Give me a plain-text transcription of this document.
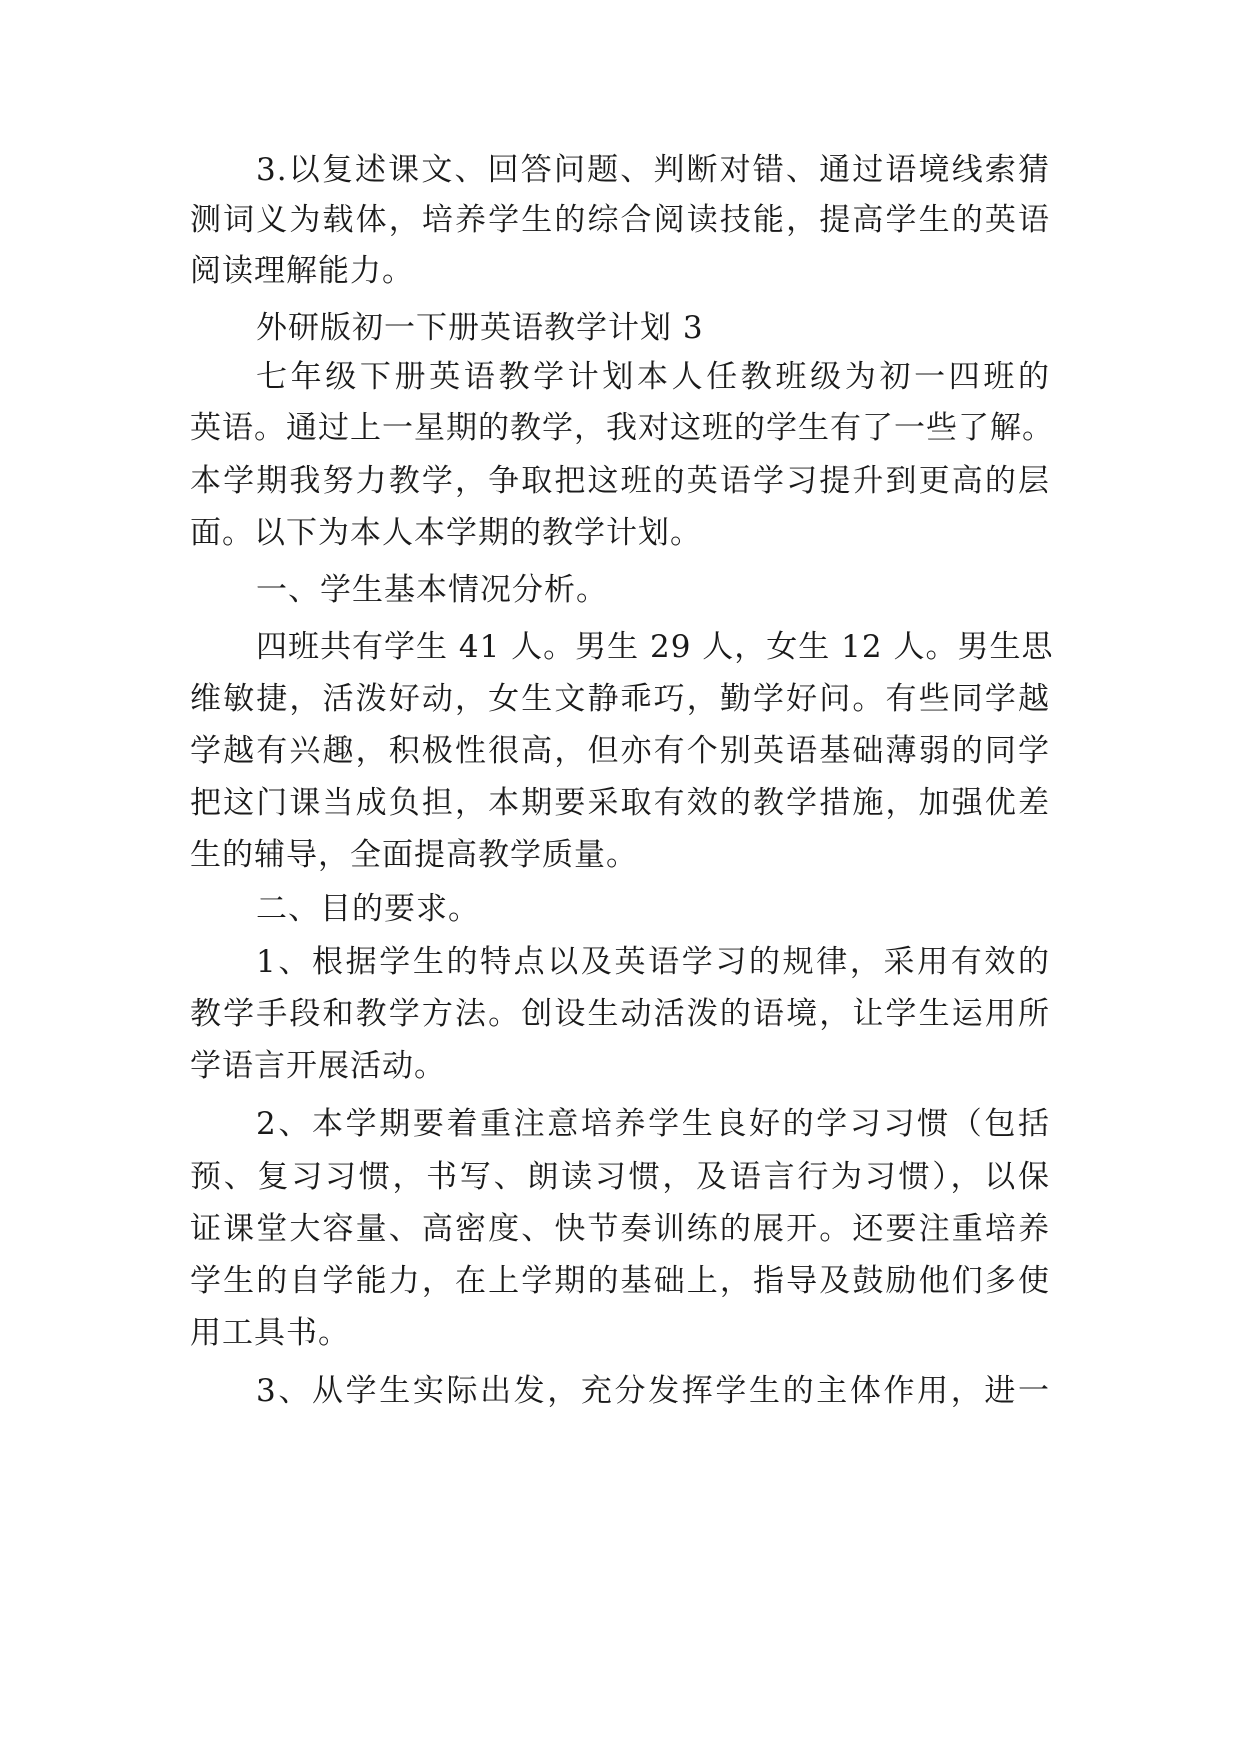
3.以复述课文、回答问题、判断对错、通过语境线索猜
测词义为载体，培养学生的综合阅读技能，提高学生的英语
阅读理解能力。
外研版初一下册英语教学计划 3
七年级下册英语教学计划本人任教班级为初一四班的
英语。通过上一星期的教学，我对这班的学生有了一些了解。
本学期我努力教学，争取把这班的英语学习提升到更高的层
面。以下为本人本学期的教学计划。
一、学生基本情况分析。
四班共有学生 41 人。男生 29 人，女生 12 人。男生思
维敏捷，活泼好动，女生文静乖巧，勤学好问。有些同学越
学越有兴趣，积极性很高，但亦有个别英语基础薄弱的同学
把这门课当成负担，本期要采取有效的教学措施，加强优差
生的辅导，全面提高教学质量。
二、目的要求。
1、根据学生的特点以及英语学习的规律，采用有效的
教学手段和教学方法。创设生动活泼的语境，让学生运用所
学语言开展活动。
2、本学期要着重注意培养学生良好的学习习惯（包括
预、复习习惯，书写、朗读习惯，及语言行为习惯），以保
证课堂大容量、高密度、快节奏训练的展开。还要注重培养
学生的自学能力，在上学期的基础上，指导及鼓励他们多使
用工具书。
3、从学生实际出发，充分发挥学生的主体作用，进一
